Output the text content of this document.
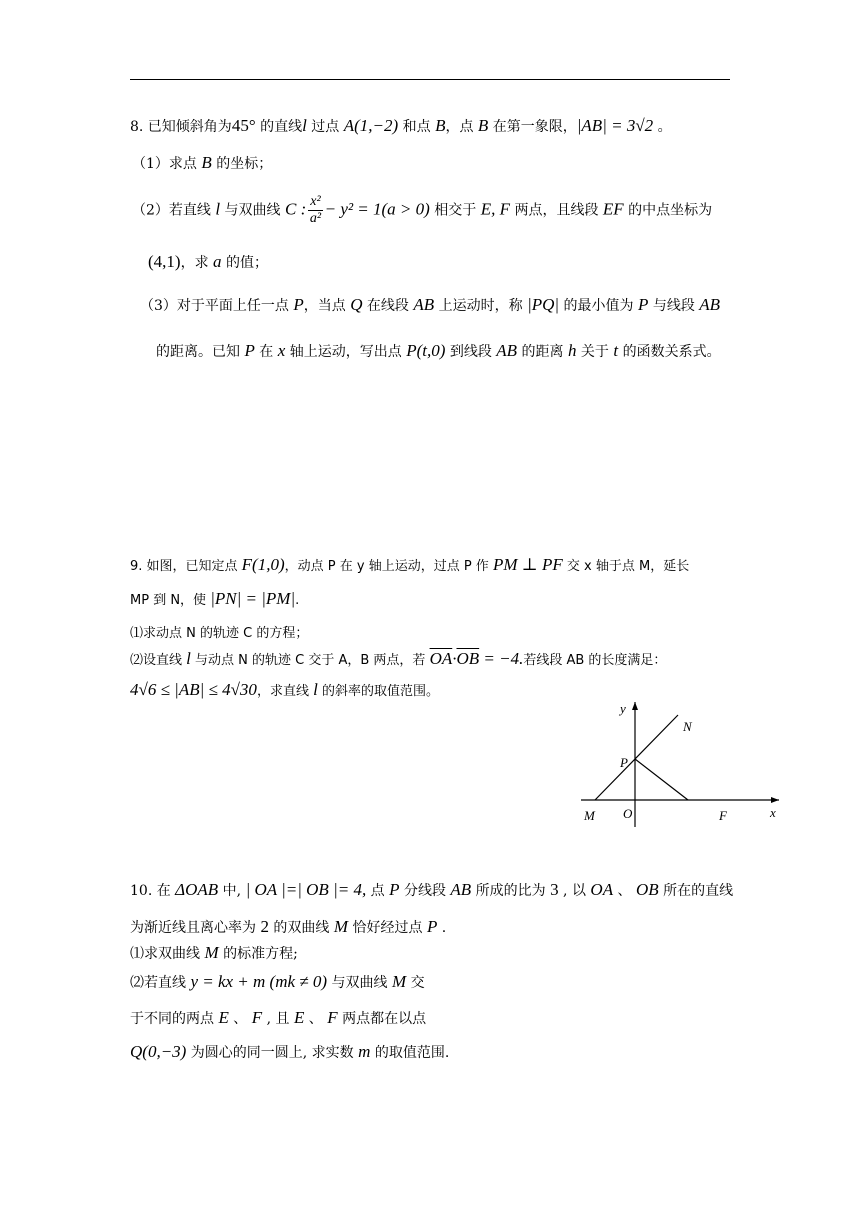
8. 已知倾斜角为45° 的直线l 过点 A(1,−2) 和点 B，点 B 在第一象限，|AB| = 3√2 。
（1）求点 B 的坐标；
（2）若直线 l 与双曲线 C : $\frac{\text{x²}}{\text{a²}} - y^2 = 1(a > 0)$ 相交于 E, F 两点，且线段 EF 的中点坐标为
(4,1)，求 a 的值；
（3）对于平面上任一点 P，当点 Q 在线段 AB 上运动时，称 |PQ| 的最小值为 P 与线段 AB
的距离。已知 P 在 x 轴上运动，写出点 P(t,0) 到线段 AB 的距离 h 关于 t 的函数关系式。
9. 如图，已知定点 F(1,0)，动点 P 在 y 轴上运动，过点 P 作 PM ⊥ PF 交 x 轴于点 M，延长
MP 到 N，使 |PN| = |PM|.
⑴求动点 N 的轨迹 C 的方程；
⑵设直线 l 与动点 N 的轨迹 C 交于 A，B 两点，若 $\overline{OA}\cdot\overline{OB} = -4$.若线段 AB 的长度满足：
4√6 ≤ |AB| ≤ 4√30，求直线 l 的斜率的取值范围。
y
N
P
M O	F	x
10. 在 ΔOAB 中, | OA |=| OB |= 4, 点 P 分线段 AB 所成的比为 3 , 以 OA 、 OB 所在的直线
为渐近线且离心率为 2 的双曲线 M 恰好经过点 P .
⑴求双曲线 M 的标准方程;
⑵若直线 y = kx + m (mk ≠ 0) 与双曲线 M 交
于不同的两点 E 、 F , 且 E 、 F 两点都在以点
Q(0,−3) 为圆心的同一圆上, 求实数 m 的取值范围.
